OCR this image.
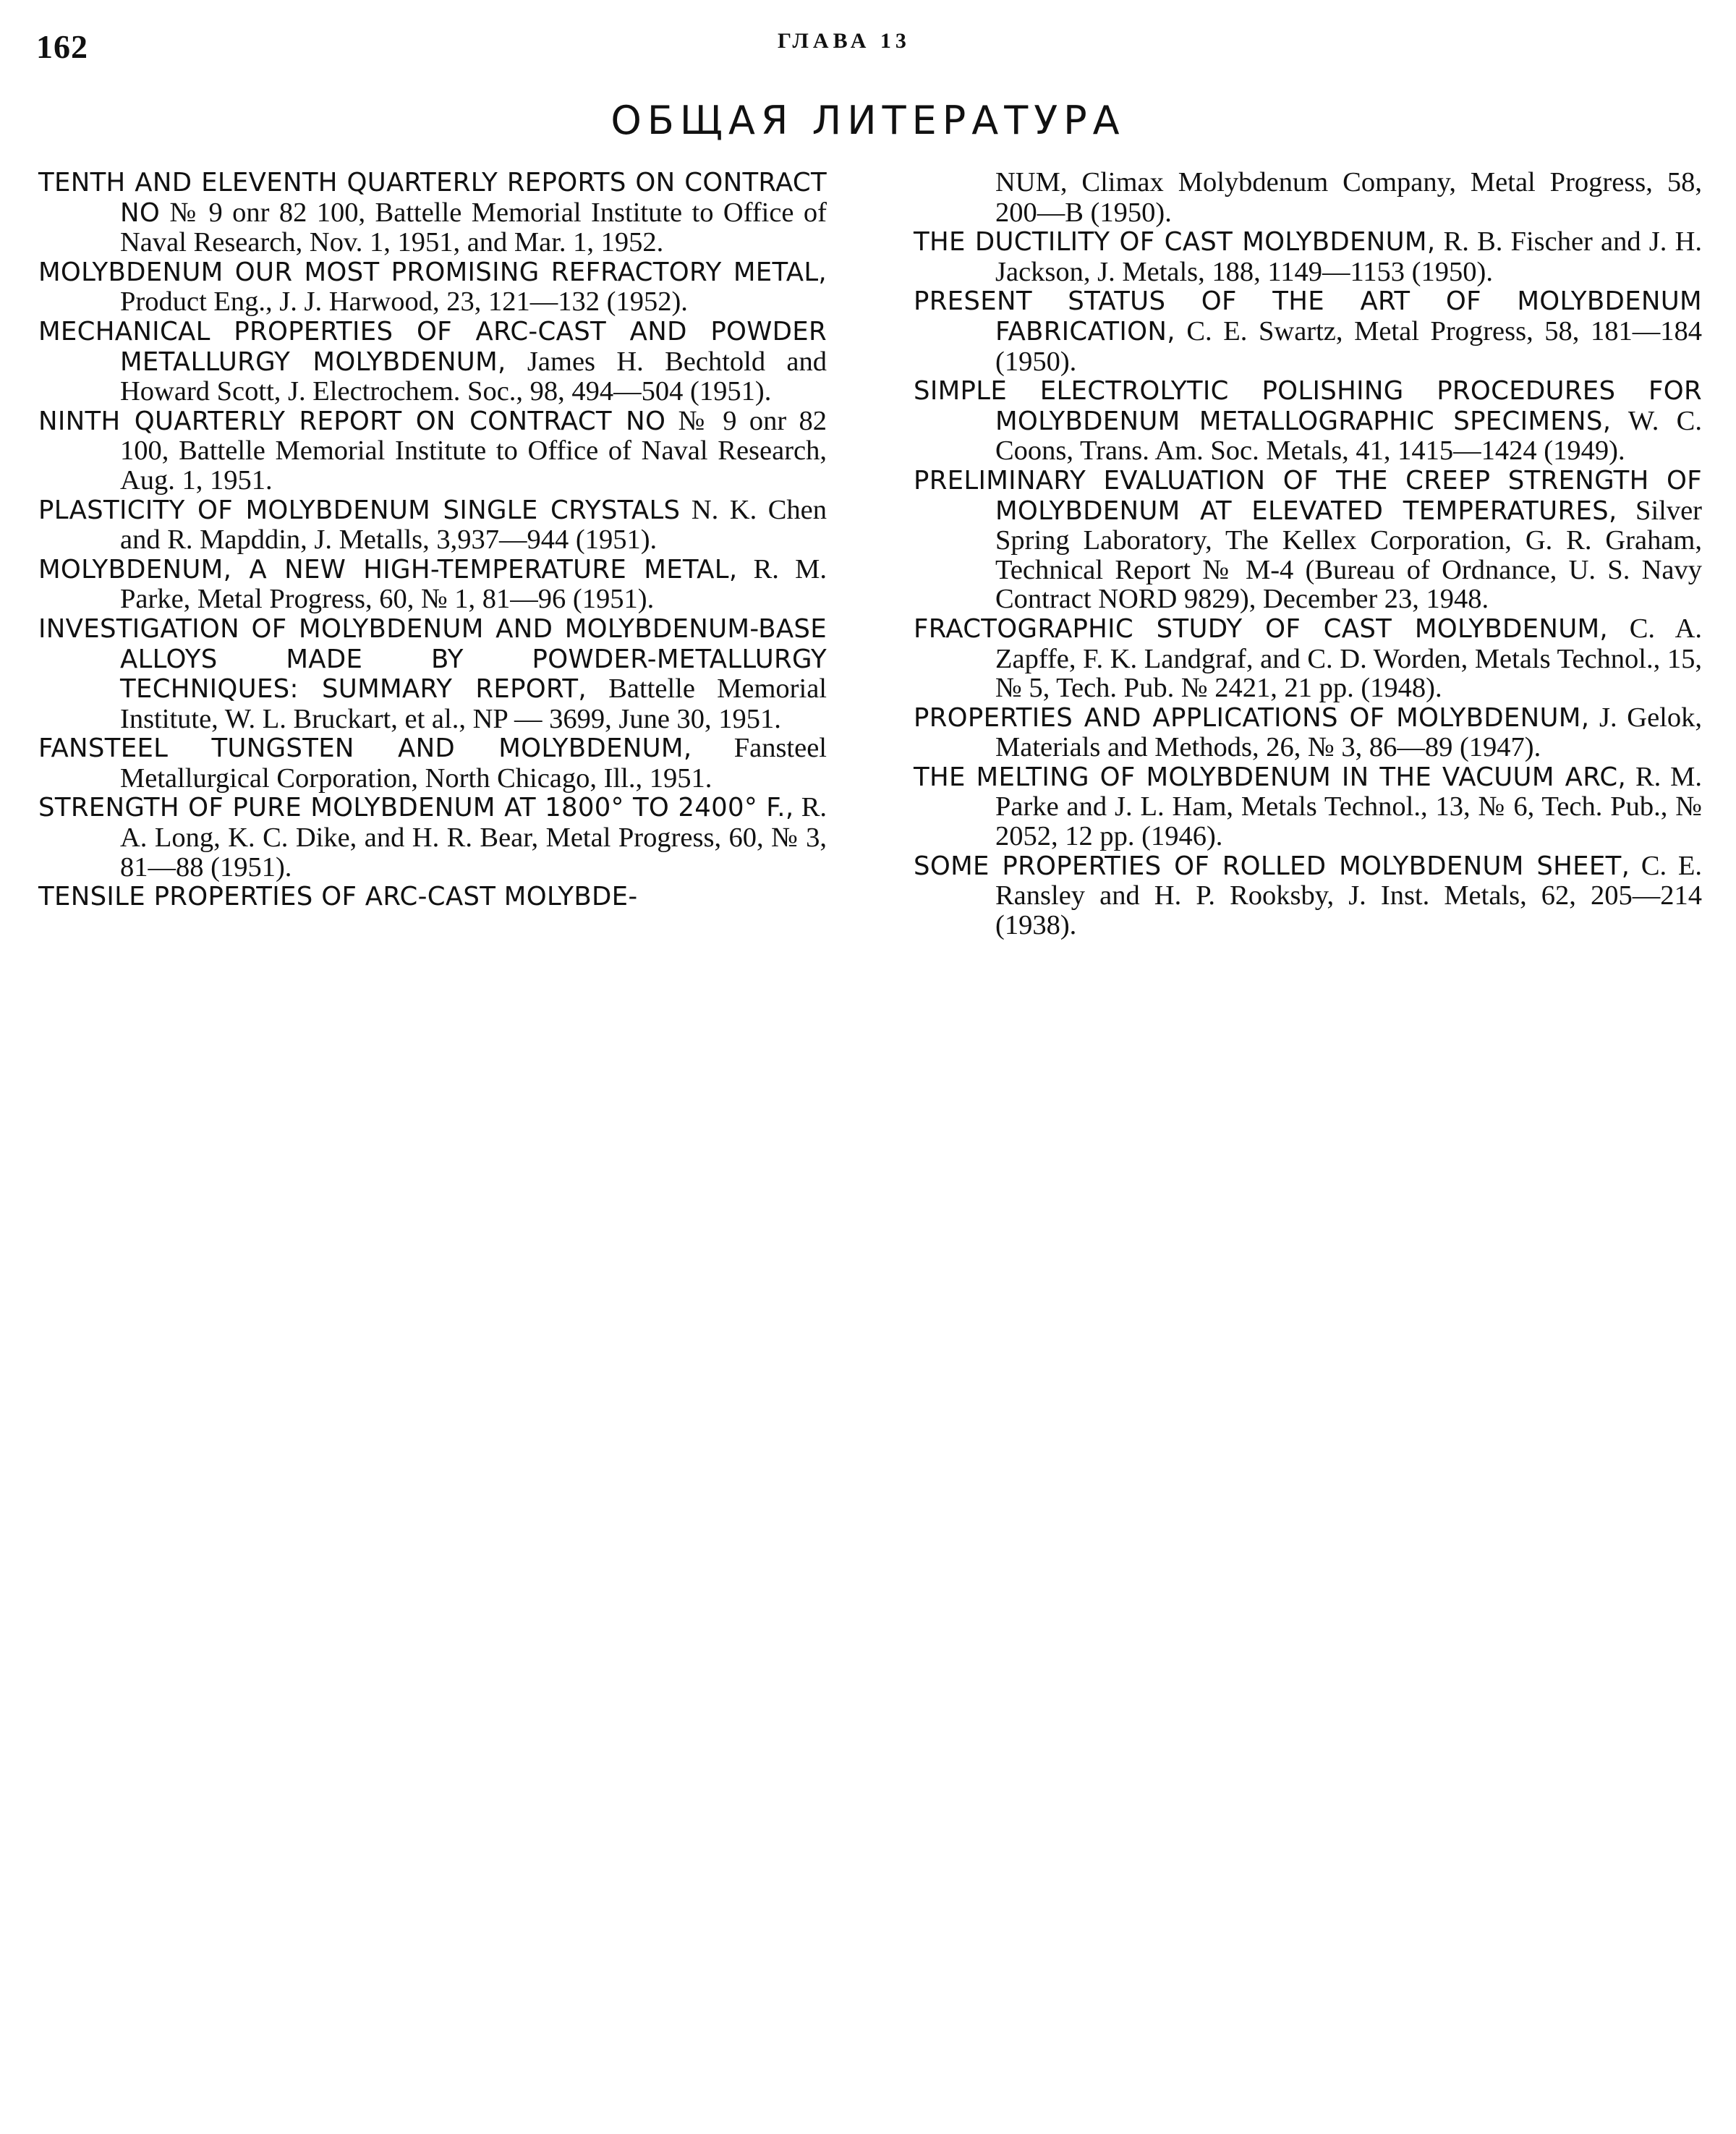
162	ГЛАВА 13
ОБЩАЯ ЛИТЕРАТУРА

TENTH AND ELEVENTH QUARTERLY REPORTS ON CONTRACT NO № 9 onr 82 100, Battelle Memorial Institute to Office of Naval Research, Nov. 1, 1951, and Mar. 1, 1952.

MOLYBDENUM OUR MOST PROMISING REFRACTORY METAL, Product Eng., J. J. Harwood, 23, 121—132 (1952).

MECHANICAL PROPERTIES OF ARC-CAST AND POWDER METALLURGY MOLYBDENUM, James H. Bechtold and Howard Scott, J. Electrochem. Soc., 98, 494—504 (1951).

NINTH QUARTERLY REPORT ON CONTRACT NO № 9 onr 82 100, Battelle Memorial Institute to Office of Naval Research, Aug. 1, 1951.

PLASTICITY OF MOLYBDENUM SINGLE CRYSTALS N. K. Chen and R. Mapddin, J. Metalls, 3,937—944 (1951).

MOLYBDENUM, A NEW HIGH-TEMPERATURE METAL, R. M. Parke, Metal Progress, 60, № 1, 81—96 (1951).

INVESTIGATION OF MOLYBDENUM AND MOLYBDENUM-BASE ALLOYS MADE BY POWDER-METALLURGY TECHNIQUES: SUMMARY REPORT, Battelle Memorial Institute, W. L. Bruckart, et al., NP — 3699, June 30, 1951.

FANSTEEL TUNGSTEN AND MOLYBDENUM, Fansteel Metallurgical Corporation, North Chicago, Ill., 1951.

STRENGTH OF PURE MOLYBDENUM AT 1800° TO 2400° F., R. A. Long, K. C. Dike, and H. R. Bear, Metal Progress, 60, № 3, 81—88 (1951).

TENSILE PROPERTIES OF ARC-CAST MOLYBDE-

NUM, Climax Molybdenum Company, Metal Progress, 58, 200—B (1950).

THE DUCTILITY OF CAST MOLYBDENUM, R. B. Fischer and J. H. Jackson, J. Metals, 188, 1149—1153 (1950).

PRESENT STATUS OF THE ART OF MOLYBDENUM FABRICATION, C. E. Swartz, Metal Progress, 58, 181—184 (1950).

SIMPLE ELECTROLYTIC POLISHING PROCEDURES FOR MOLYBDENUM METALLOGRAPHIC SPECIMENS, W. C. Coons, Trans. Am. Soc. Metals, 41, 1415—1424 (1949).

PRELIMINARY EVALUATION OF THE CREEP STRENGTH OF MOLYBDENUM AT ELEVATED TEMPERATURES, Silver Spring Laboratory, The Kellex Corporation, G. R. Graham, Technical Report № M-4 (Bureau of Ordnance, U. S. Navy Contract NORD 9829), December 23, 1948.

FRACTOGRAPHIC STUDY OF CAST MOLYBDENUM, C. A. Zapffe, F. K. Landgraf, and C. D. Worden, Metals Technol., 15, № 5, Tech. Pub. № 2421, 21 pp. (1948).

PROPERTIES AND APPLICATIONS OF MOLYBDENUM, J. Gelok, Materials and Methods, 26, № 3, 86—89 (1947).

THE MELTING OF MOLYBDENUM IN THE VACUUM ARC, R. M. Parke and J. L. Ham, Metals Technol., 13, № 6, Tech. Pub., № 2052, 12 pp. (1946).

SOME PROPERTIES OF ROLLED MOLYBDENUM SHEET, C. E. Ransley and H. P. Rooksby, J. Inst. Metals, 62, 205—214 (1938).
